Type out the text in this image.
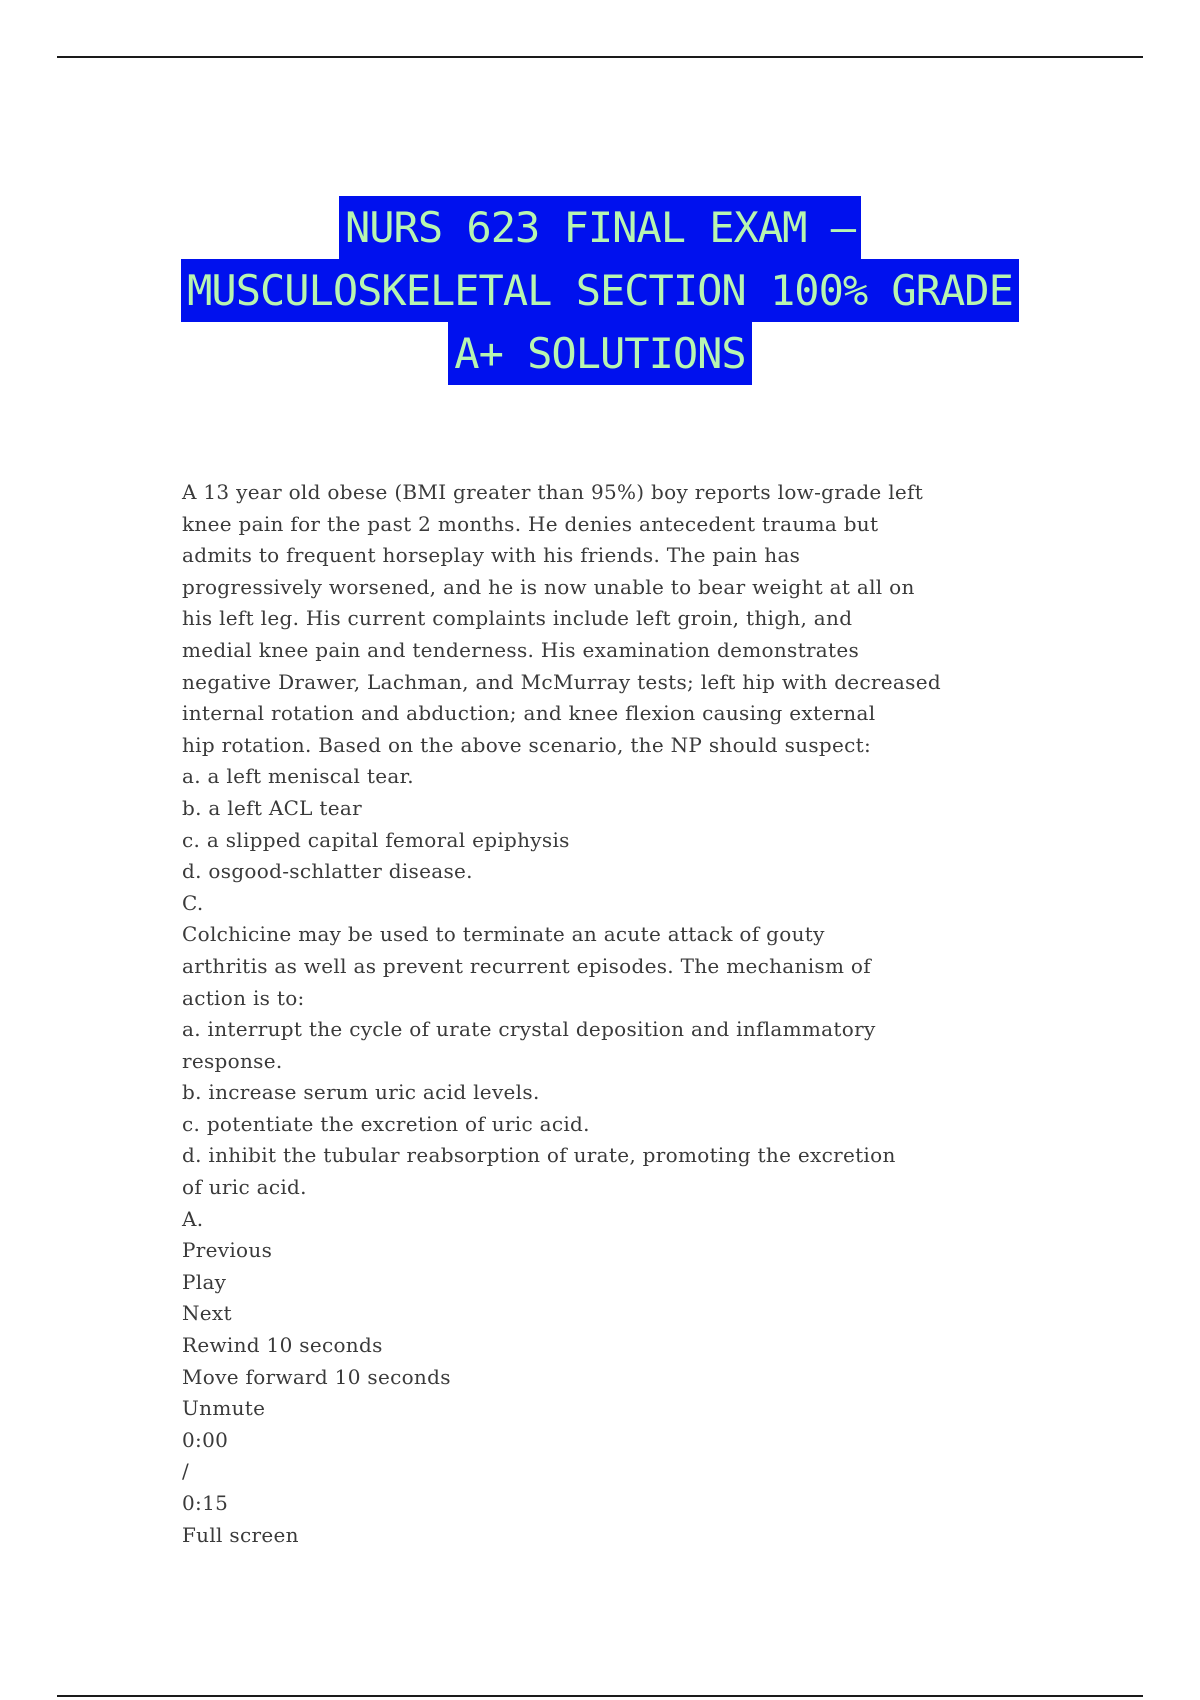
NURS 623 FINAL EXAM –
MUSCULOSKELETAL SECTION 100% GRADE
A+ SOLUTIONS
A 13 year old obese (BMI greater than 95%) boy reports low-grade left
knee pain for the past 2 months. He denies antecedent trauma but
admits to frequent horseplay with his friends. The pain has
progressively worsened, and he is now unable to bear weight at all on
his left leg. His current complaints include left groin, thigh, and
medial knee pain and tenderness. His examination demonstrates
negative Drawer, Lachman, and McMurray tests; left hip with decreased
internal rotation and abduction; and knee flexion causing external
hip rotation. Based on the above scenario, the NP should suspect:
a. a left meniscal tear.
b. a left ACL tear
c. a slipped capital femoral epiphysis
d. osgood-schlatter disease.
C.
Colchicine may be used to terminate an acute attack of gouty
arthritis as well as prevent recurrent episodes. The mechanism of
action is to:
a. interrupt the cycle of urate crystal deposition and inflammatory
response.
b. increase serum uric acid levels.
c. potentiate the excretion of uric acid.
d. inhibit the tubular reabsorption of urate, promoting the excretion
of uric acid.
A.
Previous
Play
Next
Rewind 10 seconds
Move forward 10 seconds
Unmute
0:00
/
0:15
Full screen
